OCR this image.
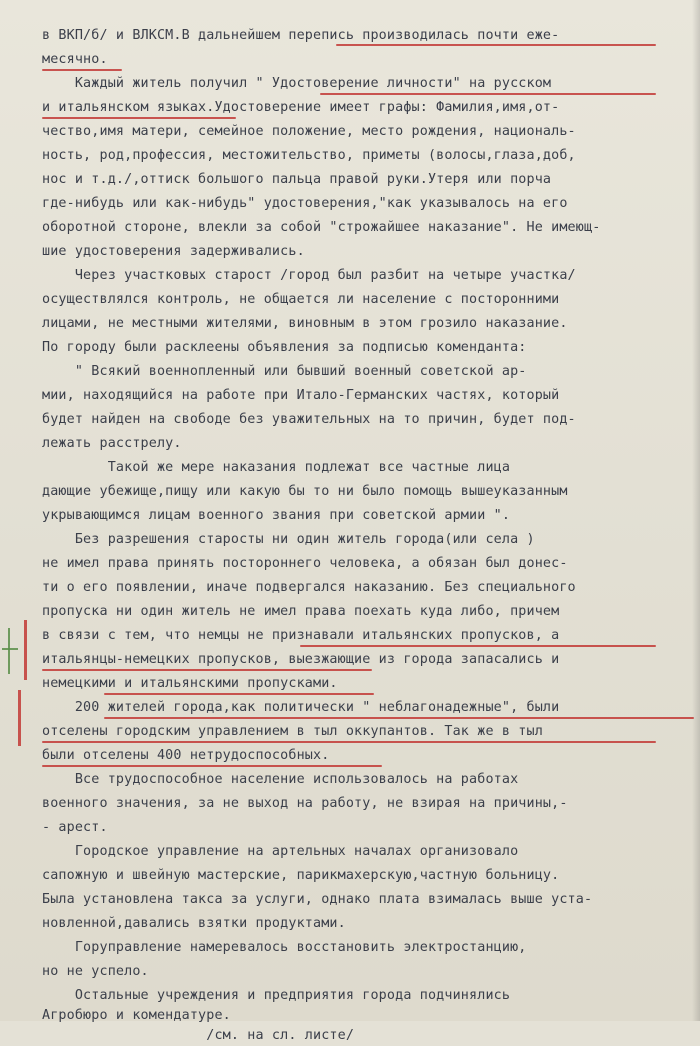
в ВКП/б/ и ВЛКСМ.В дальнейшем перепись производилась почти еже-
месячно.
Каждый житель получил " Удостоверение личности" на русском
и итальянском языках.Удостоверение имеет графы: Фамилия,имя,от-
чество,имя матери, семейное положение, место рождения, националь-
ность, род,профессия, местожительство, приметы (волосы,глаза,доб,
нос и т.д./,оттиск большого пальца правой руки.Утеря или порча
где-нибудь или как-нибудь" удостоверения,"как указывалось на его
оборотной стороне, влекли за собой "строжайшее наказание". Не имеющ-
шие удостоверения задерживались.
Через участковых старост /город был разбит на четыре участка/
осуществлялся контроль, не общается ли население с посторонними
лицами, не местными жителями, виновным в этом грозило наказание.
По городу были расклеены объявления за подписью коменданта:
" Всякий военнопленный или бывший военный советской ар-
мии, находящийся на работе при Итало-Германских частях, который
будет найден на свободе без уважительных на то причин, будет под-
лежать расстрелу.
Такой же мере наказания подлежат все частные лица
дающие убежище,пищу или какую бы то ни было помощь вышеуказанным
укрывающимся лицам военного звания при советской армии ".
Без разрешения старосты ни один житель города(или села )
не имел права принять постороннего человека, а обязан был донес-
ти о его появлении, иначе подвергался наказанию. Без специального
пропуска ни один житель не имел права поехать куда либо, причем
в связи с тем, что немцы не признавали итальянских пропусков, а
итальянцы-немецких пропусков, выезжающие из города запасались и
немецкими и итальянскими пропусками.
200 жителей города,как политически " неблагонадежные", были
отселены городским управлением в тыл оккупантов. Так же в тыл
были отселены 400 нетрудоспособных.
Все трудоспособное население использовалось на работах
военного значения, за не выход на работу, не взирая на причины,-
- арест.
Городское управление на артельных началах организовало
сапожную и швейную мастерские, парикмахерскую,частную больницу.
Была установлена такса за услуги, однако плата взималась выше уста-
новленной,давались взятки продуктами.
Горуправление намеревалось восстановить электростанцию,
но не успело.
Остальные учреждения и предприятия города подчинялись
Агробюро и комендатуре.
/см. на сл. листе/
